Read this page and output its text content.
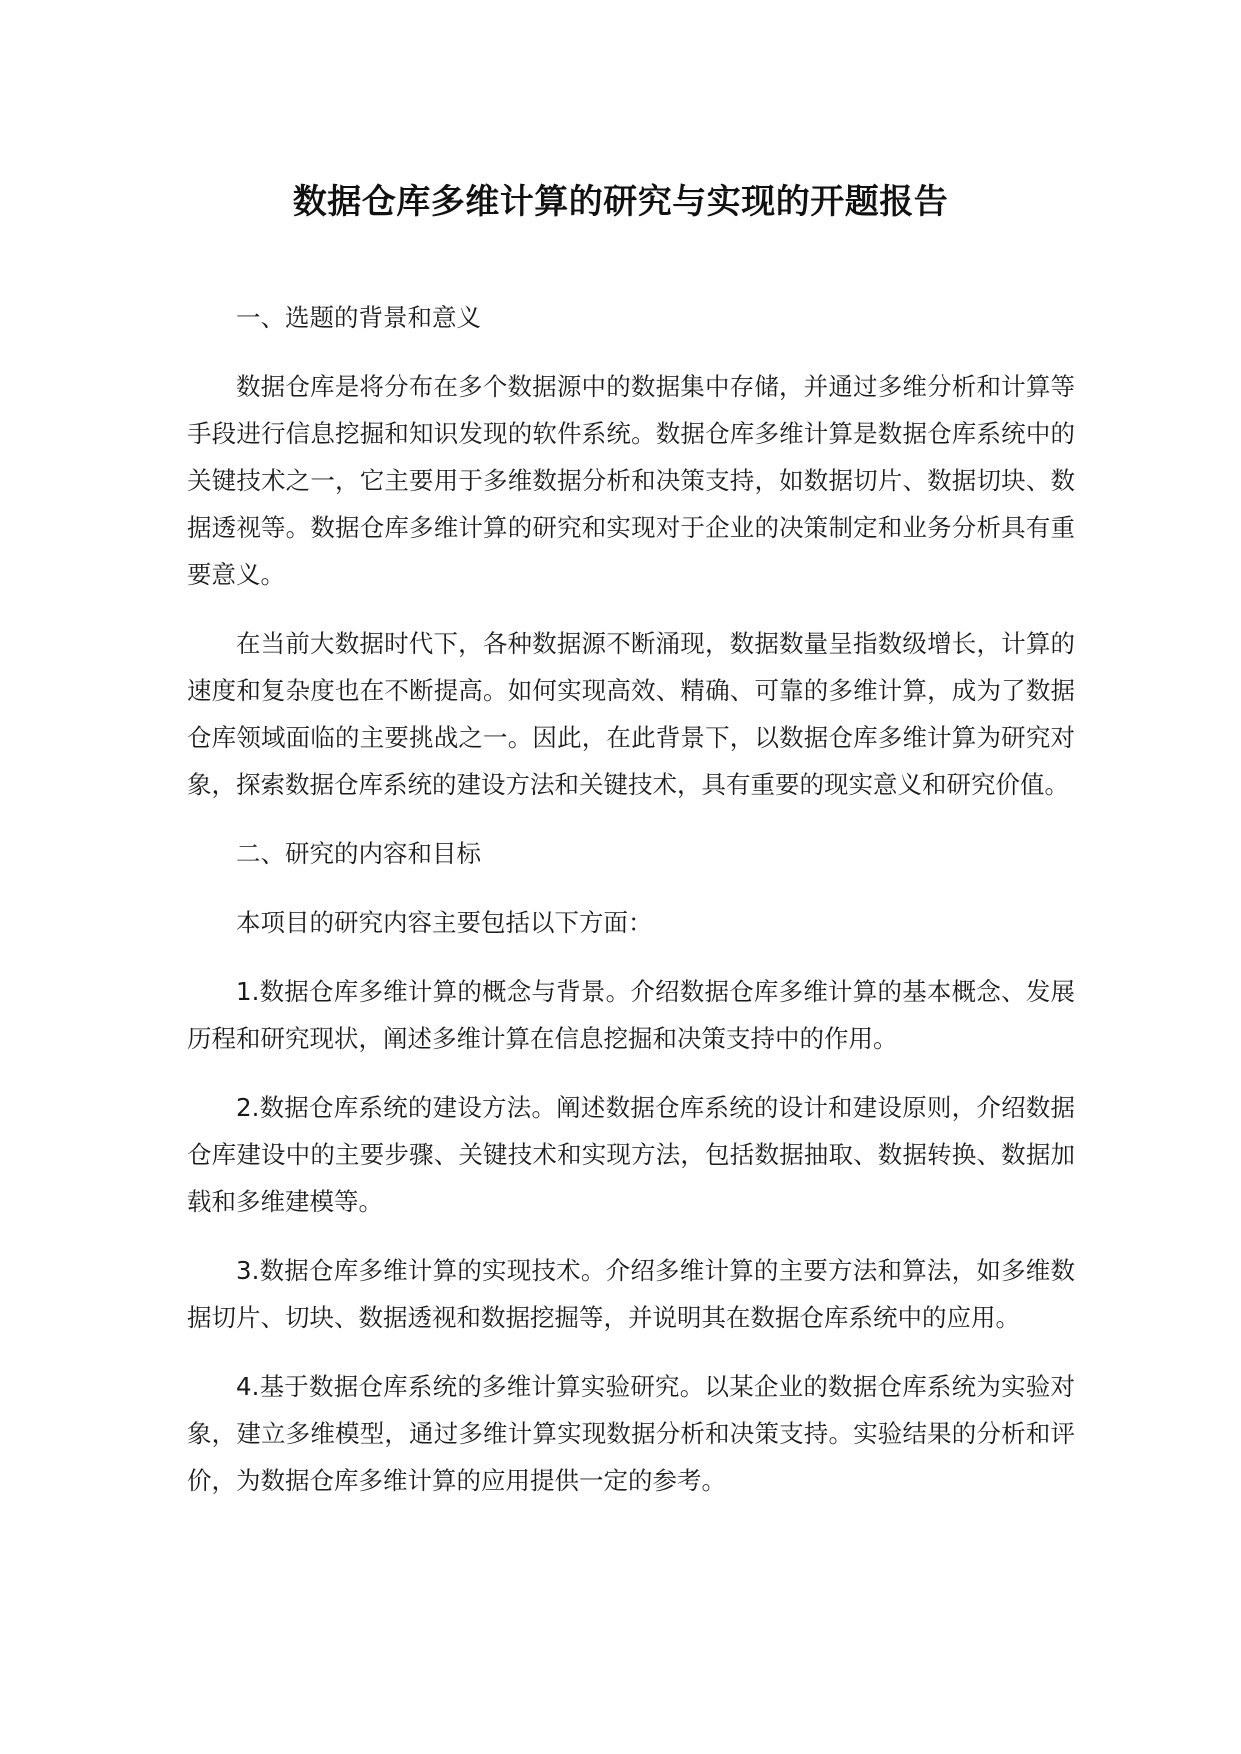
数据仓库多维计算的研究与实现的开题报告

一、选题的背景和意义

数据仓库是将分布在多个数据源中的数据集中存储，并通过多维分析和计算等手段进行信息挖掘和知识发现的软件系统。数据仓库多维计算是数据仓库系统中的关键技术之一，它主要用于多维数据分析和决策支持，如数据切片、数据切块、数据透视等。数据仓库多维计算的研究和实现对于企业的决策制定和业务分析具有重要意义。

在当前大数据时代下，各种数据源不断涌现，数据数量呈指数级增长，计算的速度和复杂度也在不断提高。如何实现高效、精确、可靠的多维计算，成为了数据仓库领域面临的主要挑战之一。因此，在此背景下，以数据仓库多维计算为研究对象，探索数据仓库系统的建设方法和关键技术，具有重要的现实意义和研究价值。

二、研究的内容和目标

本项目的研究内容主要包括以下方面：

1.数据仓库多维计算的概念与背景。介绍数据仓库多维计算的基本概念、发展历程和研究现状，阐述多维计算在信息挖掘和决策支持中的作用。

2.数据仓库系统的建设方法。阐述数据仓库系统的设计和建设原则，介绍数据仓库建设中的主要步骤、关键技术和实现方法，包括数据抽取、数据转换、数据加载和多维建模等。

3.数据仓库多维计算的实现技术。介绍多维计算的主要方法和算法，如多维数据切片、切块、数据透视和数据挖掘等，并说明其在数据仓库系统中的应用。

4.基于数据仓库系统的多维计算实验研究。以某企业的数据仓库系统为实验对象，建立多维模型，通过多维计算实现数据分析和决策支持。实验结果的分析和评价，为数据仓库多维计算的应用提供一定的参考。
